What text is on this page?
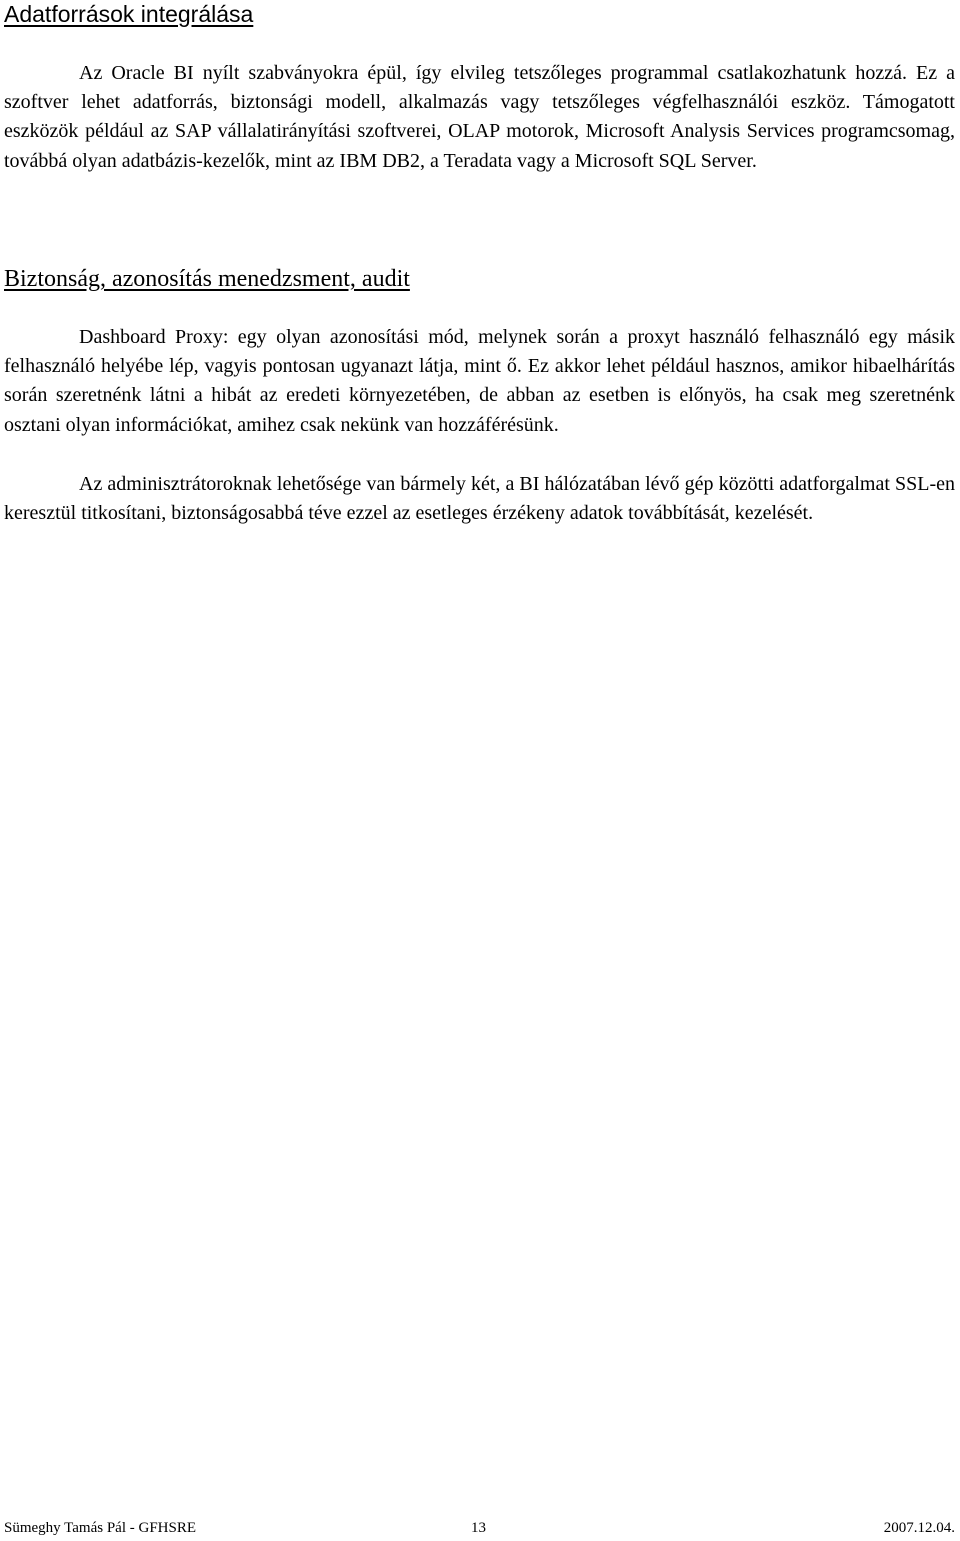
Adatforrások integrálása

Az Oracle BI nyílt szabványokra épül, így elvileg tetszőleges programmal csatlakozhatunk hozzá. Ez a szoftver lehet adatforrás, biztonsági modell, alkalmazás vagy tetszőleges végfelhasználói eszköz. Támogatott eszközök például az SAP vállalatirányítási szoftverei, OLAP motorok, Microsoft Analysis Services programcsomag, továbbá olyan adatbázis-kezelők, mint az IBM DB2, a Teradata vagy a Microsoft SQL Server.

Biztonság, azonosítás menedzsment, audit

Dashboard Proxy: egy olyan azonosítási mód, melynek során a proxyt használó felhasználó egy másik felhasználó helyébe lép, vagyis pontosan ugyanazt látja, mint ő. Ez akkor lehet például hasznos, amikor hibaelhárítás során szeretnénk látni a hibát az eredeti környezetében, de abban az esetben is előnyös, ha csak meg szeretnénk osztani olyan információkat, amihez csak nekünk van hozzáférésünk.

Az adminisztrátoroknak lehetősége van bármely két, a BI hálózatában lévő gép közötti adatforgalmat SSL-en keresztül titkosítani, biztonságosabbá téve ezzel az esetleges érzékeny adatok továbbítását, kezelését.

Sümeghy Tamás Pál - GFHSRE	13	2007.12.04.
